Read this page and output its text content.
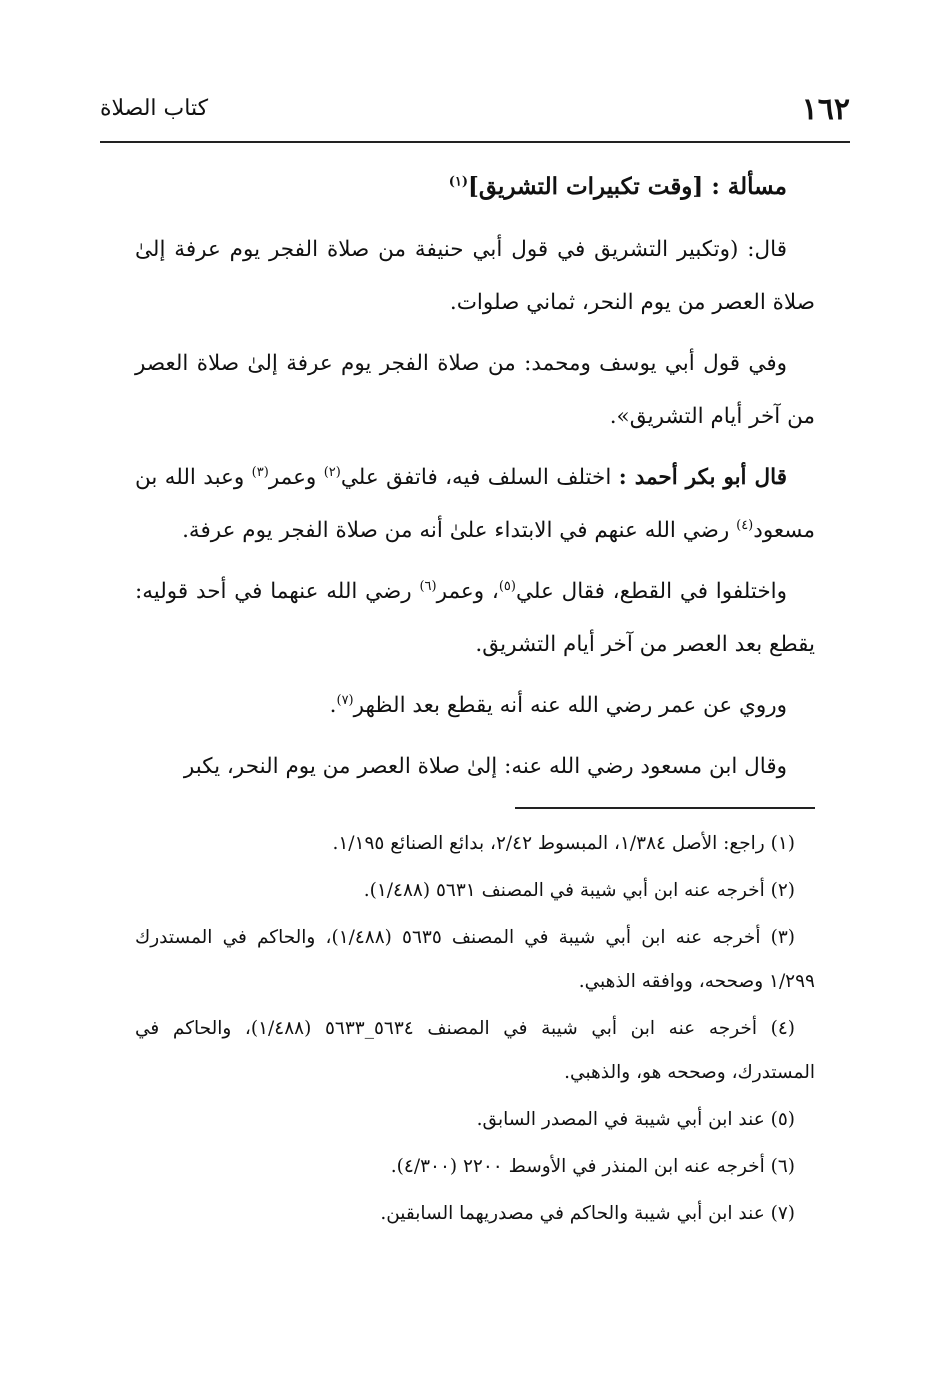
١٦٢
كتاب الصلاة

مسألة : [وقت تكبيرات التشريق]$^{(١)}$

قال: (وتكبير التشريق في قول أبي حنيفة من صلاة الفجر يوم عرفة إلىٰ صلاة العصر من يوم النحر، ثماني صلوات.

وفي قول أبي يوسف ومحمد: من صلاة الفجر يوم عرفة إلىٰ صلاة العصر من آخر أيام التشريق».

قال أبو بكر أحمد : اختلف السلف فيه، فاتفق علي$^{(٢)}$ وعمر$^{(٣)}$ وعبد الله بن مسعود$^{(٤)}$ رضي الله عنهم في الابتداء علىٰ أنه من صلاة الفجر يوم عرفة.

واختلفوا في القطع، فقال علي$^{(٥)}$، وعمر$^{(٦)}$ رضي الله عنهما في أحد قوليه: يقطع بعد العصر من آخر أيام التشريق.

وروي عن عمر رضي الله عنه أنه يقطع بعد الظهر$^{(٧)}$.

وقال ابن مسعود رضي الله عنه: إلىٰ صلاة العصر من يوم النحر، يكبر

(١) راجع: الأصل ١/٣٨٤، المبسوط ٢/٤٢، بدائع الصنائع ١/١٩٥.
(٢) أخرجه عنه ابن أبي شيبة في المصنف ٥٦٣١ (١/٤٨٨).
(٣) أخرجه عنه ابن أبي شيبة في المصنف ٥٦٣٥ (١/٤٨٨)، والحاكم في المستدرك ١/٢٩٩ وصححه، ووافقه الذهبي.
(٤) أخرجه عنه ابن أبي شيبة في المصنف ٥٦٣٤_٥٦٣٣ (١/٤٨٨)، والحاكم في المستدرك، وصححه هو، والذهبي.
(٥) عند ابن أبي شيبة في المصدر السابق.
(٦) أخرجه عنه ابن المنذر في الأوسط ٢٢٠٠ (٤/٣٠٠).
(٧) عند ابن أبي شيبة والحاكم في مصدريهما السابقين.
